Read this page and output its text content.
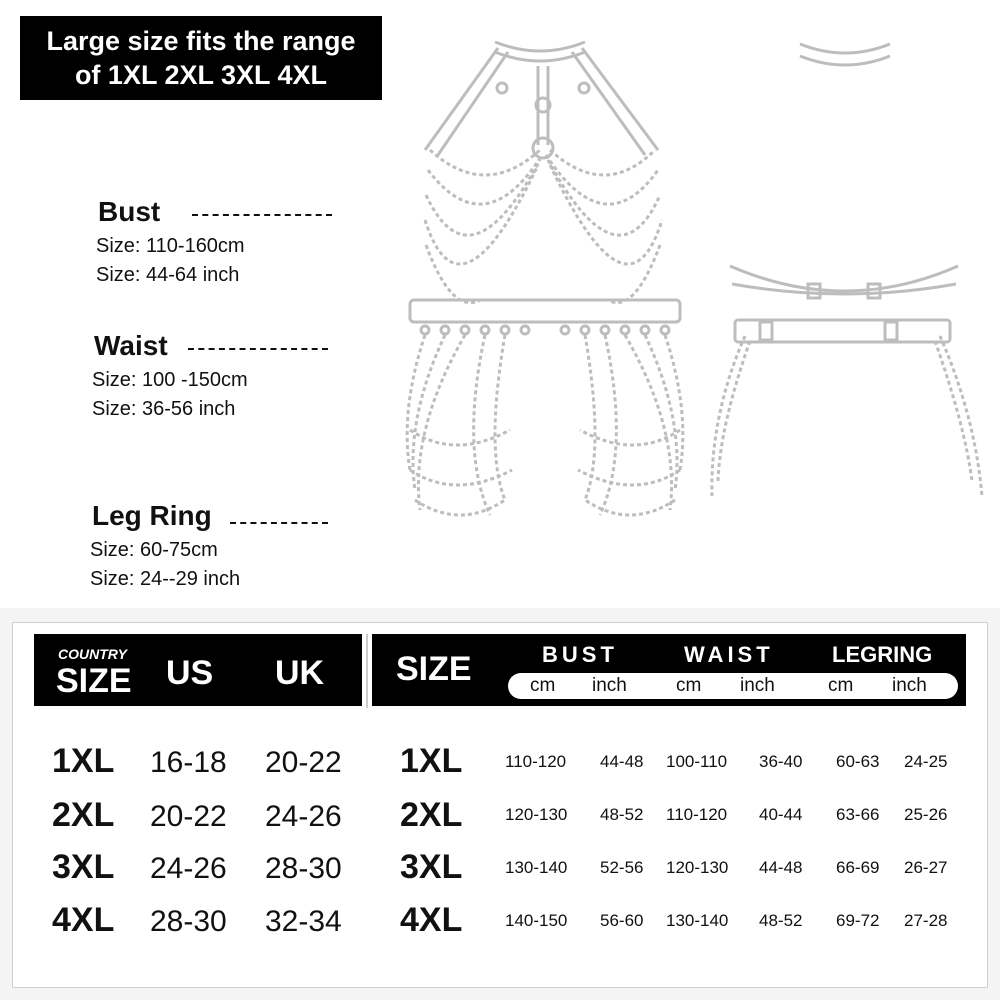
Large size fits the range
of 1XL 2XL 3XL 4XL
Bust
Size: 110-160cm
Size: 44-64 inch
Waist
Size: 100 -150cm
Size: 36-56 inch
Leg Ring
Size: 60-75cm
Size: 24--29 inch
COUNTRY
SIZE US UK SIZE	BUST	WAIST	LEGRING
cm inch	cm inch	cm inch
1XL 16-18 20-22
2XL 20-22 24-26
3XL 24-26 28-30
4XL 28-30 32-34
1XL	110-120 44-48 100-110 36-40 60-63 24-25
2XL	120-130 48-52 110-120 40-44 63-66 25-26
3XL	130-140 52-56 120-130 44-48 66-69 26-27
4XL	140-150 56-60 130-140 48-52 69-72 27-28
